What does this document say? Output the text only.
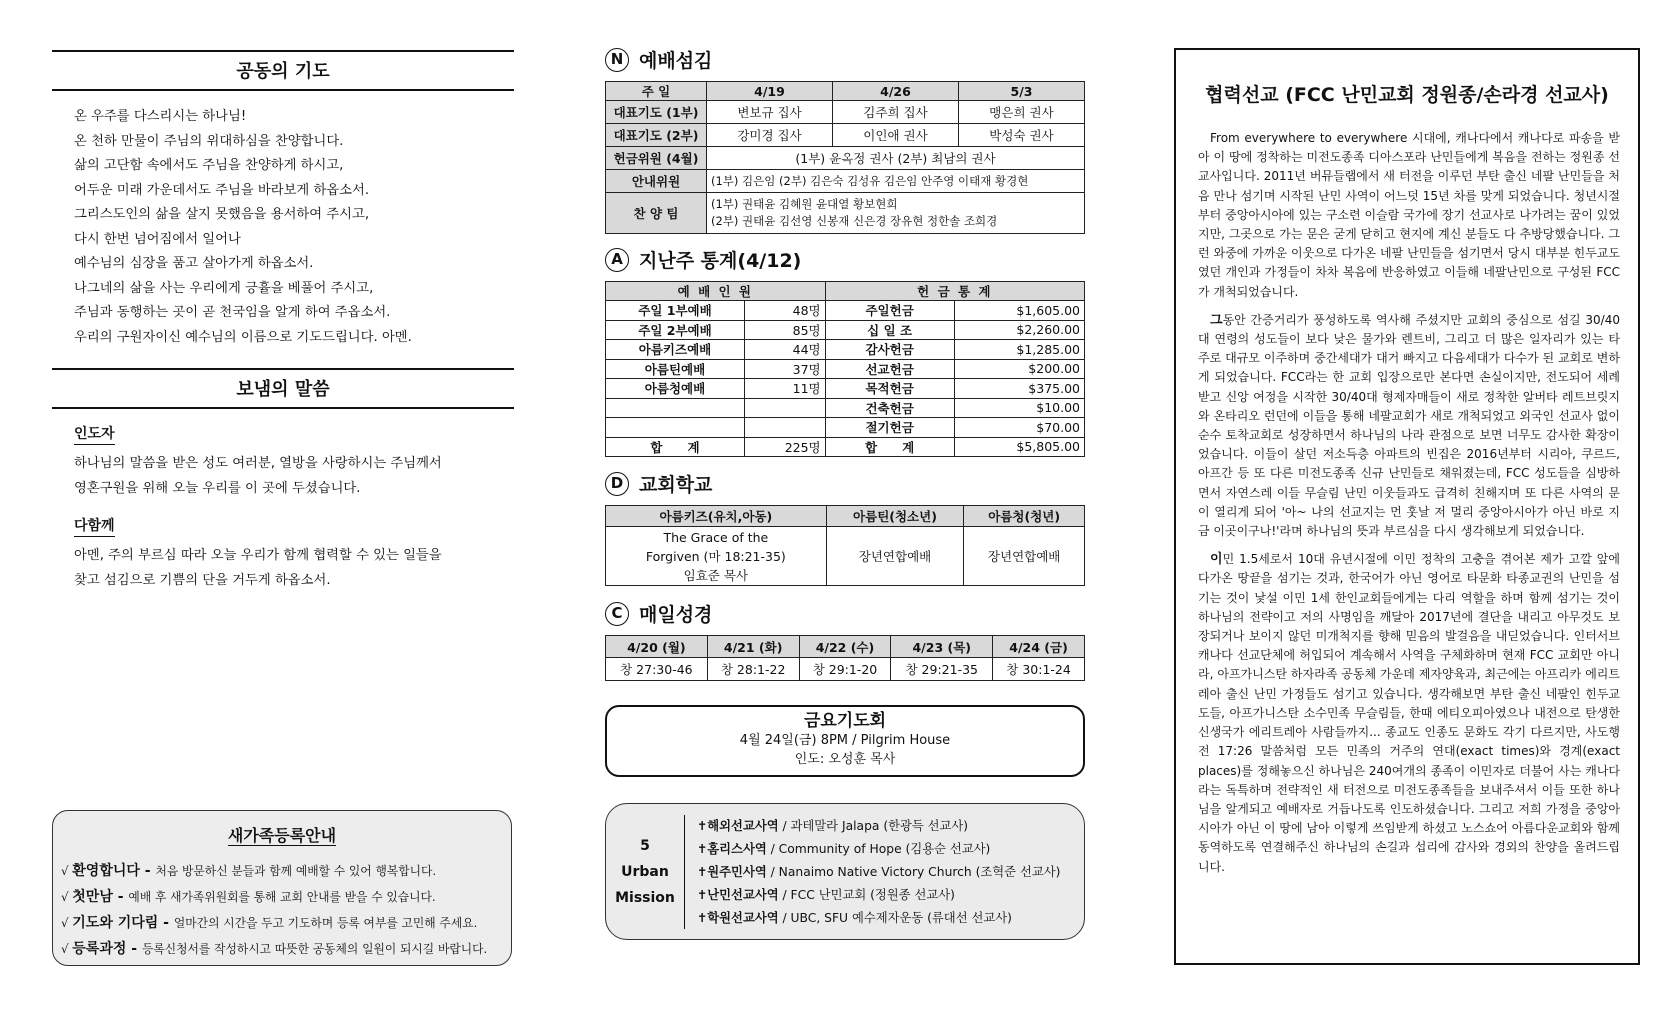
공동의 기도
온 우주를 다스리시는 하나님!
온 천하 만물이 주님의 위대하심을 찬양합니다.
삶의 고단함 속에서도 주님을 찬양하게 하시고,
어두운 미래 가운데서도 주님을 바라보게 하옵소서.
그리스도인의 삶을 살지 못했음을 용서하여 주시고,
다시 한번 넘어짐에서 일어나
예수님의 심장을 품고 살아가게 하옵소서.
나그네의 삶을 사는 우리에게 긍휼을 베풀어 주시고,
주님과 동행하는 곳이 곧 천국임을 알게 하여 주옵소서.
우리의 구원자이신 예수님의 이름으로 기도드립니다. 아멘.
보냄의 말씀
인도자
하나님의 말씀을 받은 성도 여러분, 열방을 사랑하시는 주님께서
영혼구원을 위해 오늘 우리를 이 곳에 두셨습니다.
다함께
아멘, 주의 부르심 따라 오늘 우리가 함께 협력할 수 있는 일들을
찾고 섬김으로 기쁨의 단을 거두게 하옵소서.
새가족등록안내
√ 환영합니다 - 처음 방문하신 분들과 함께 예배할 수 있어 행복합니다.
√ 첫만남 - 예배 후 새가족위원회를 통해 교회 안내를 받을 수 있습니다.
√ 기도와 기다림 - 얼마간의 시간을 두고 기도하며 등록 여부를 고민해 주세요.
√ 등록과정 - 등록신청서를 작성하시고 따뜻한 공동체의 일원이 되시길 바랍니다.
N 예배섬김
주 일	4/19	4/26	5/3
대표기도 (1부)	변보규 집사	김주희 집사	맹은희 권사
대표기도 (2부)	강미경 집사	이인애 권사	박성숙 권사
헌금위원 (4월)	(1부) 윤옥정 권사 (2부) 최남의 권사		
안내위원	(1부) 김은임 (2부) 김은숙 김성유 김은임 안주영 이태재 황경현		
찬 양 팀	(1부) 권태윤 김혜원 윤대열 황보현희
(2부) 권태윤 김선영 신봉재 신은경 장유현 정한솔 조희경		
A 지난주 통계(4/12)
예 배 인 원		헌 금 통 계	
주일 1부예배	48명	주일헌금	$1,605.00
주일 2부예배	85명	십 일 조	$2,260.00
아름키즈예배	44명	감사헌금	$1,285.00
아름틴예배	37명	선교헌금	$200.00
아름청예배	11명	목적헌금	$375.00
		건축헌금	$10.00
		절기헌금	$70.00
합　　계	225명	합　　계	$5,805.00
D 교회학교
아름키즈(유치,아동)	아름틴(청소년)	아름청(청년)

The Grace of the
Forgiven (마 18:21-35)
임효준 목사	장년연합예배	장년연합예배
C 매일성경
4/20 (월)	4/21 (화)	4/22 (수)	4/23 (목)	4/24 (금)
창 27:30-46	창 28:1-22	창 29:1-20	창 29:21-35	창 30:1-24
금요기도회
4월 24일(금) 8PM / Pilgrim House
인도: 오성훈 목사
5
Urban
Mission
✝해외선교사역 / 과테말라 Jalapa (한광득 선교사)
✝홈리스사역 / Community of Hope (김용순 선교사)
✝원주민사역 / Nanaimo Native Victory Church (조혁준 선교사)
✝난민선교사역 / FCC 난민교회 (정원종 선교사)
✝학원선교사역 / UBC, SFU 예수제자운동 (류대선 선교사)
협력선교 (FCC 난민교회 정원종/손라경 선교사)

From everywhere to everywhere 시대에, 캐나다에서 캐나다로 파송을 받아 이 땅에 정착하는 미전도종족 디아스포라 난민들에게 복음을 전하는 정원종 선교사입니다. 2011년 버뮤들랩에서 새 터전을 이루던 부탄 출신 네팔 난민들을 처음 만나 섬기며 시작된 난민 사역이 어느덧 15년 차를 맞게 되었습니다. 청년시절부터 중앙아시아에 있는 구소련 이슬람 국가에 장기 선교사로 나가려는 꿈이 있었지만, 그곳으로 가는 문은 굳게 닫히고 현지에 계신 분들도 다 추방당했습니다. 그런 와중에 가까운 이웃으로 다가온 네팔 난민들을 섬기면서 당시 대부분 힌두교도였던 개인과 가정들이 차차 복음에 반응하였고 이들해 네팔난민으로 구성된 FCC가 개척되었습니다.

그동안 간증거리가 풍성하도록 역사해 주셨지만 교회의 중심으로 섬길 30/40대 연령의 성도들이 보다 낮은 물가와 렌트비, 그리고 더 많은 일자리가 있는 타 주로 대규모 이주하며 중간세대가 대거 빠지고 다음세대가 다수가 된 교회로 변하게 되었습니다. FCC라는 한 교회 입장으로만 본다면 손실이지만, 전도되어 세례받고 신앙 여정을 시작한 30/40대 형제자매들이 새로 정착한 알버타 레트브릿지와 온타리오 런던에 이들을 통해 네팔교회가 새로 개척되었고 외국인 선교사 없이 순수 토착교회로 성장하면서 하나님의 나라 관점으로 보면 너무도 감사한 확장이었습니다. 이들이 살던 저소득층 아파트의 빈집은 2016년부터 시리아, 쿠르드, 아프간 등 또 다른 미전도종족 신규 난민들로 채워졌는데, FCC 성도들을 심방하면서 자연스레 이들 무슬림 난민 이웃들과도 급격히 친해지며 또 다른 사역의 문이 열리게 되어 '아~ 나의 선교지는 먼 훗날 저 멀리 중앙아시아가 아닌 바로 지금 이곳이구나!'라며 하나님의 뜻과 부르심을 다시 생각해보게 되었습니다.

이민 1.5세로서 10대 유년시절에 이민 정착의 고충을 겪어본 제가 고깔 앞에 다가온 땅끝을 섬기는 것과, 한국어가 아닌 영어로 타문화 타종교권의 난민을 섬기는 것이 낯설 이민 1세 한인교회들에게는 다리 역할을 하며 함께 섬기는 것이 하나님의 전략이고 저의 사명임을 깨달아 2017년에 결단을 내리고 아무것도 보장되거나 보이지 않던 미개척지를 향해 믿음의 발걸음을 내딛었습니다. 인터서브 캐나다 선교단체에 허입되어 계속해서 사역을 구체화하며 현재 FCC 교회만 아니라, 아프가니스탄 하자라족 공동체 가운데 제자양육과, 최근에는 아프리카 에리트레아 출신 난민 가정들도 섬기고 있습니다. 생각해보면 부탄 출신 네팔인 힌두교도들, 아프가니스탄 소수민족 무슬림들, 한때 에티오피아였으나 내전으로 탄생한 신생국가 에리트레아 사람들까지... 종교도 인종도 문화도 각기 다르지만, 사도행전 17:26 말씀처럼 모든 민족의 거주의 연대(exact times)와 경계(exact places)를 정해놓으신 하나님은 240여개의 종족이 이민자로 더불어 사는 캐나다라는 독특하며 전략적인 새 터전으로 미전도종족들을 보내주셔서 이들 또한 하나님을 알게되고 예배자로 거듭나도록 인도하셨습니다. 그리고 저희 가정을 중앙아시아가 아닌 이 땅에 남아 이렇게 쓰임받게 하셨고 노스쇼어 아름다운교회와 함께 동역하도록 연결해주신 하나님의 손길과 섭리에 감사와 경외의 찬양을 올려드립니다.
